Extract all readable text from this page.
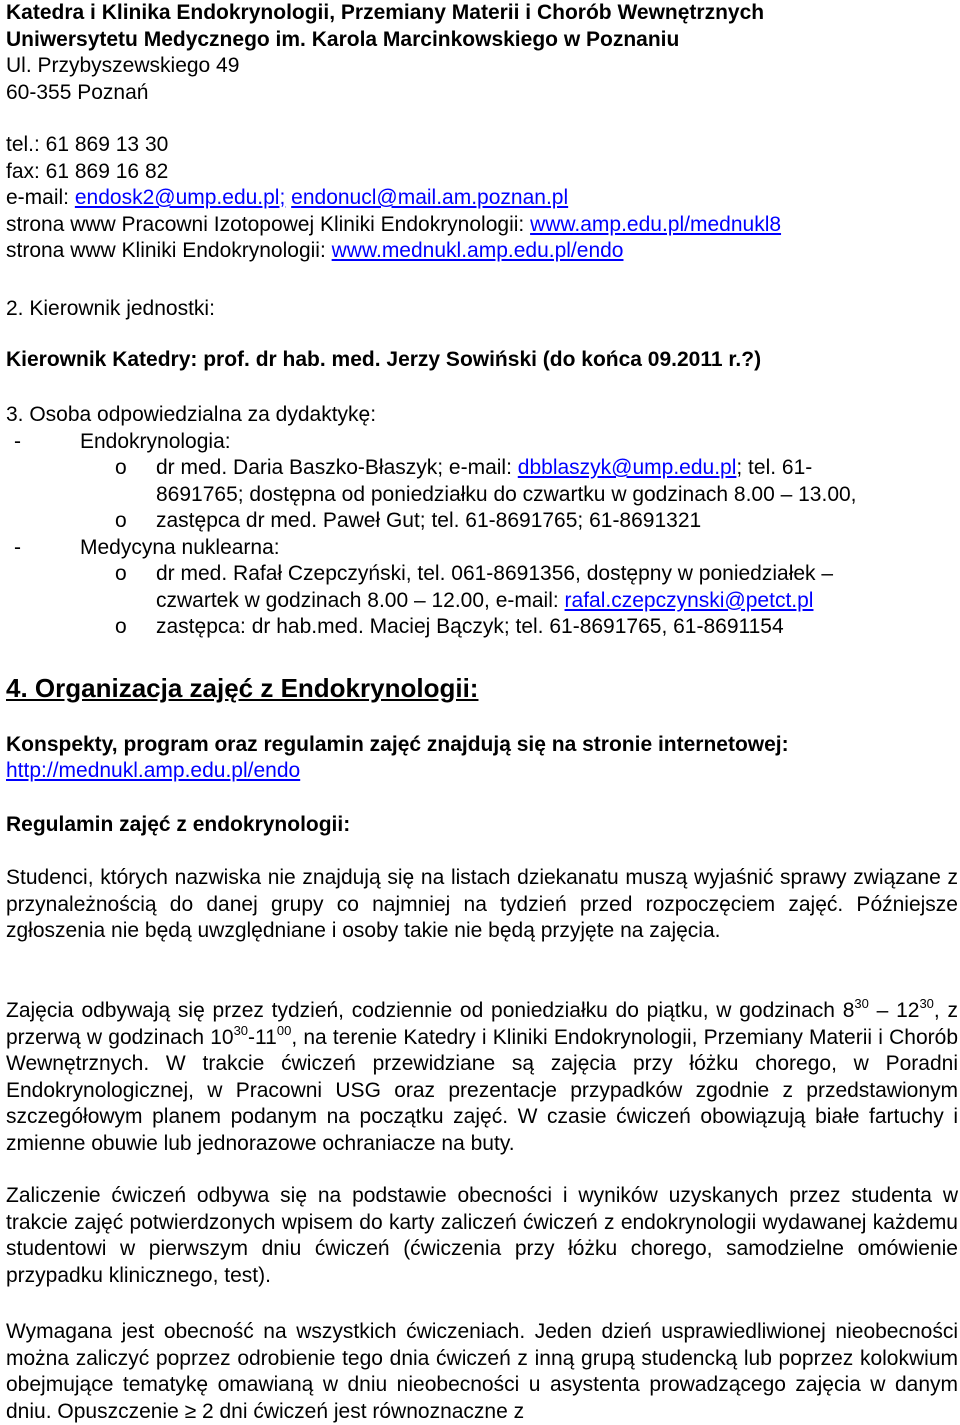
Katedra i Klinika Endokrynologii, Przemiany Materii i Chorób Wewnętrznych
Uniwersytetu Medycznego im. Karola Marcinkowskiego w Poznaniu
Ul. Przybyszewskiego 49
60-355 Poznań
tel.: 61 869 13 30
fax: 61 869 16 82
e-mail: endosk2@ump.edu.pl; endonucl@mail.am.poznan.pl
strona www Pracowni Izotopowej Kliniki Endokrynologii: www.amp.edu.pl/mednukl8
strona www Kliniki Endokrynologii: www.mednukl.amp.edu.pl/endo
2. Kierownik jednostki:
Kierownik Katedry: prof. dr hab. med. Jerzy Sowiński (do końca 09.2011 r.?)
3. Osoba odpowiedzialna za dydaktykę:
-	Endokrynologia:
o dr med. Daria Baszko-Błaszyk; e-mail: dbblaszyk@ump.edu.pl; tel. 61-
8691765; dostępna od poniedziałku do czwartku w godzinach 8.00 – 13.00,
o zastępca dr med. Paweł Gut; tel. 61-8691765; 61-8691321
-	Medycyna nuklearna:
o dr med. Rafał Czepczyński, tel. 061-8691356, dostępny w poniedziałek –
czwartek w godzinach 8.00 – 12.00, e-mail: rafal.czepczynski@petct.pl
o zastępca: dr hab.med. Maciej Bączyk; tel. 61-8691765, 61-8691154
4. Organizacja zajęć z Endokrynologii:
Konspekty, program oraz regulamin zajęć znajdują się na stronie internetowej:
http://mednukl.amp.edu.pl/endo
Regulamin zajęć z endokrynologii:
Studenci, których nazwiska nie znajdują się na listach dziekanatu muszą wyjaśnić sprawy związane z przynależnością do danej grupy co najmniej na tydzień przed rozpoczęciem zajęć. Późniejsze zgłoszenia nie będą uwzględniane i osoby takie nie będą przyjęte na zajęcia.
Zajęcia odbywają się przez tydzień, codziennie od poniedziałku do piątku, w godzinach $8^{30} - 12^{30}$, z przerwą w godzinach $10^{30}-11^{00}$, na terenie Katedry i Kliniki Endokrynologii, Przemiany Materii i Chorób Wewnętrznych. W trakcie ćwiczeń przewidziane są zajęcia przy łóżku chorego, w Poradni Endokrynologicznej, w Pracowni USG oraz prezentacje przypadków zgodnie z przedstawionym szczegółowym planem podanym na początku zajęć. W czasie ćwiczeń obowiązują białe fartuchy i zmienne obuwie lub jednorazowe ochraniacze na buty.
Zaliczenie ćwiczeń odbywa się na podstawie obecności i wyników uzyskanych przez studenta w trakcie zajęć potwierdzonych wpisem do karty zaliczeń ćwiczeń z endokrynologii wydawanej każdemu studentowi w pierwszym dniu ćwiczeń (ćwiczenia przy łóżku chorego, samodzielne omówienie przypadku klinicznego, test).
Wymagana jest obecność na wszystkich ćwiczeniach. Jeden dzień usprawiedliwionej nieobecności można zaliczyć poprzez odrobienie tego dnia ćwiczeń z inną grupą studencką lub poprzez kolokwium obejmujące tematykę omawianą w dniu nieobecności u asystenta prowadzącego zajęcia w danym dniu. Opuszczenie ≥ 2 dni ćwiczeń jest równoznaczne z
